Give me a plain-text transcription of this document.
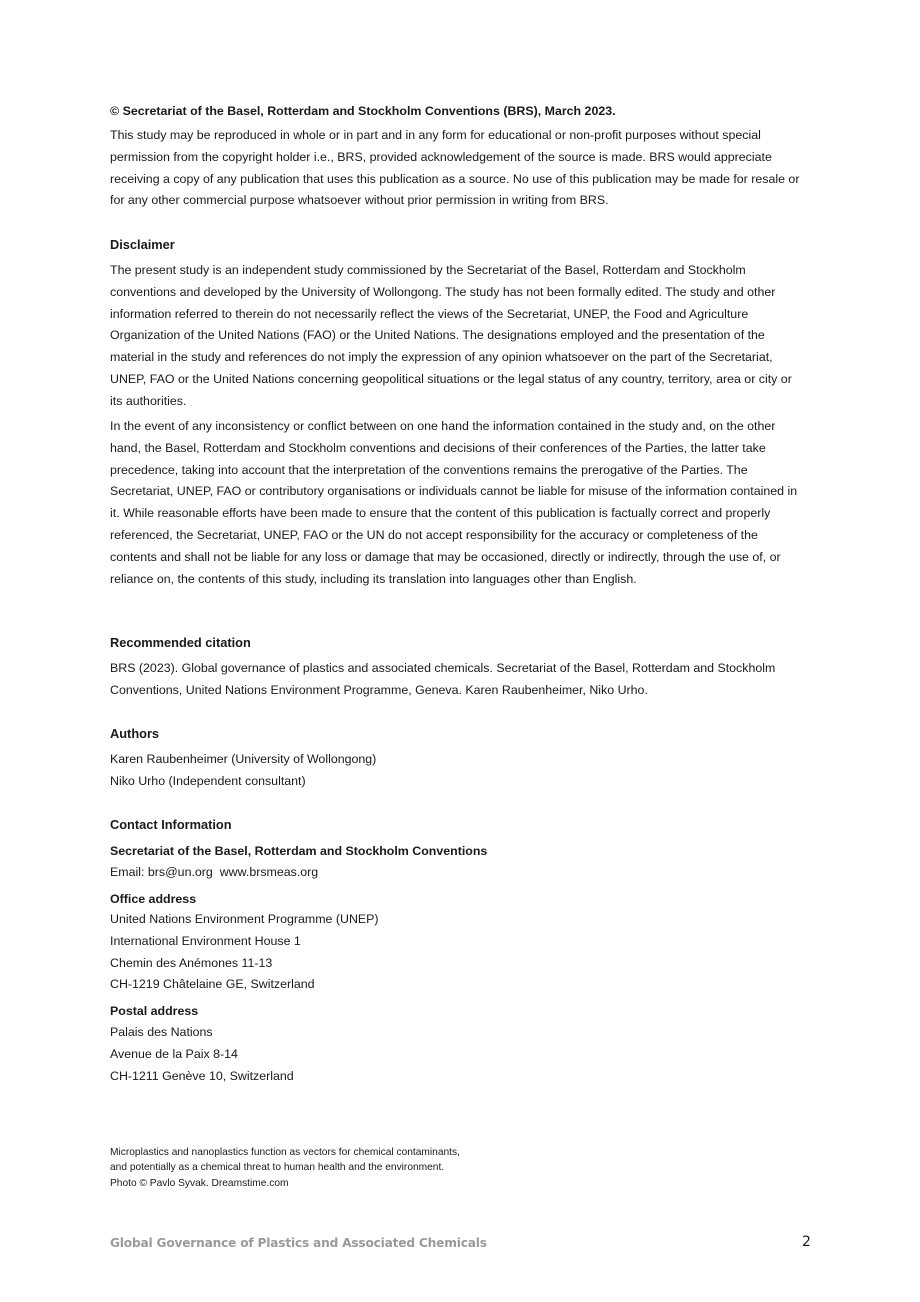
© Secretariat of the Basel, Rotterdam and Stockholm Conventions (BRS), March 2023.
This study may be reproduced in whole or in part and in any form for educational or non-profit purposes without special permission from the copyright holder i.e., BRS, provided acknowledgement of the source is made. BRS would appreciate receiving a copy of any publication that uses this publication as a source. No use of this publication may be made for resale or for any other commercial purpose whatsoever without prior permission in writing from BRS.
Disclaimer
The present study is an independent study commissioned by the Secretariat of the Basel, Rotterdam and Stockholm conventions and developed by the University of Wollongong. The study has not been formally edited. The study and other information referred to therein do not necessarily reflect the views of the Secretariat, UNEP, the Food and Agriculture Organization of the United Nations (FAO) or the United Nations. The designations employed and the presentation of the material in the study and references do not imply the expression of any opinion whatsoever on the part of the Secretariat, UNEP, FAO or the United Nations concerning geopolitical situations or the legal status of any country, territory, area or city or its authorities.
In the event of any inconsistency or conflict between on one hand the information contained in the study and, on the other hand, the Basel, Rotterdam and Stockholm conventions and decisions of their conferences of the Parties, the latter take precedence, taking into account that the interpretation of the conventions remains the prerogative of the Parties. The Secretariat, UNEP, FAO or contributory organisations or individuals cannot be liable for misuse of the information contained in it. While reasonable efforts have been made to ensure that the content of this publication is factually correct and properly referenced, the Secretariat, UNEP, FAO or the UN do not accept responsibility for the accuracy or completeness of the contents and shall not be liable for any loss or damage that may be occasioned, directly or indirectly, through the use of, or reliance on, the contents of this study, including its translation into languages other than English.
Recommended citation
BRS (2023). Global governance of plastics and associated chemicals. Secretariat of the Basel, Rotterdam and Stockholm Conventions, United Nations Environment Programme, Geneva. Karen Raubenheimer, Niko Urho.
Authors
Karen Raubenheimer (University of Wollongong)
Niko Urho (Independent consultant)
Contact Information
Secretariat of the Basel, Rotterdam and Stockholm Conventions
Email: brs@un.org www.brsmeas.org
Office address
United Nations Environment Programme (UNEP)
International Environment House 1
Chemin des Anémones 11-13
CH-1219 Châtelaine GE, Switzerland
Postal address
Palais des Nations
Avenue de la Paix 8-14
CH-1211 Genève 10, Switzerland
Microplastics and nanoplastics function as vectors for chemical contaminants,
and potentially as a chemical threat to human health and the environment.
Photo © Pavlo Syvak. Dreamstime.com
Global Governance of Plastics and Associated Chemicals	2
